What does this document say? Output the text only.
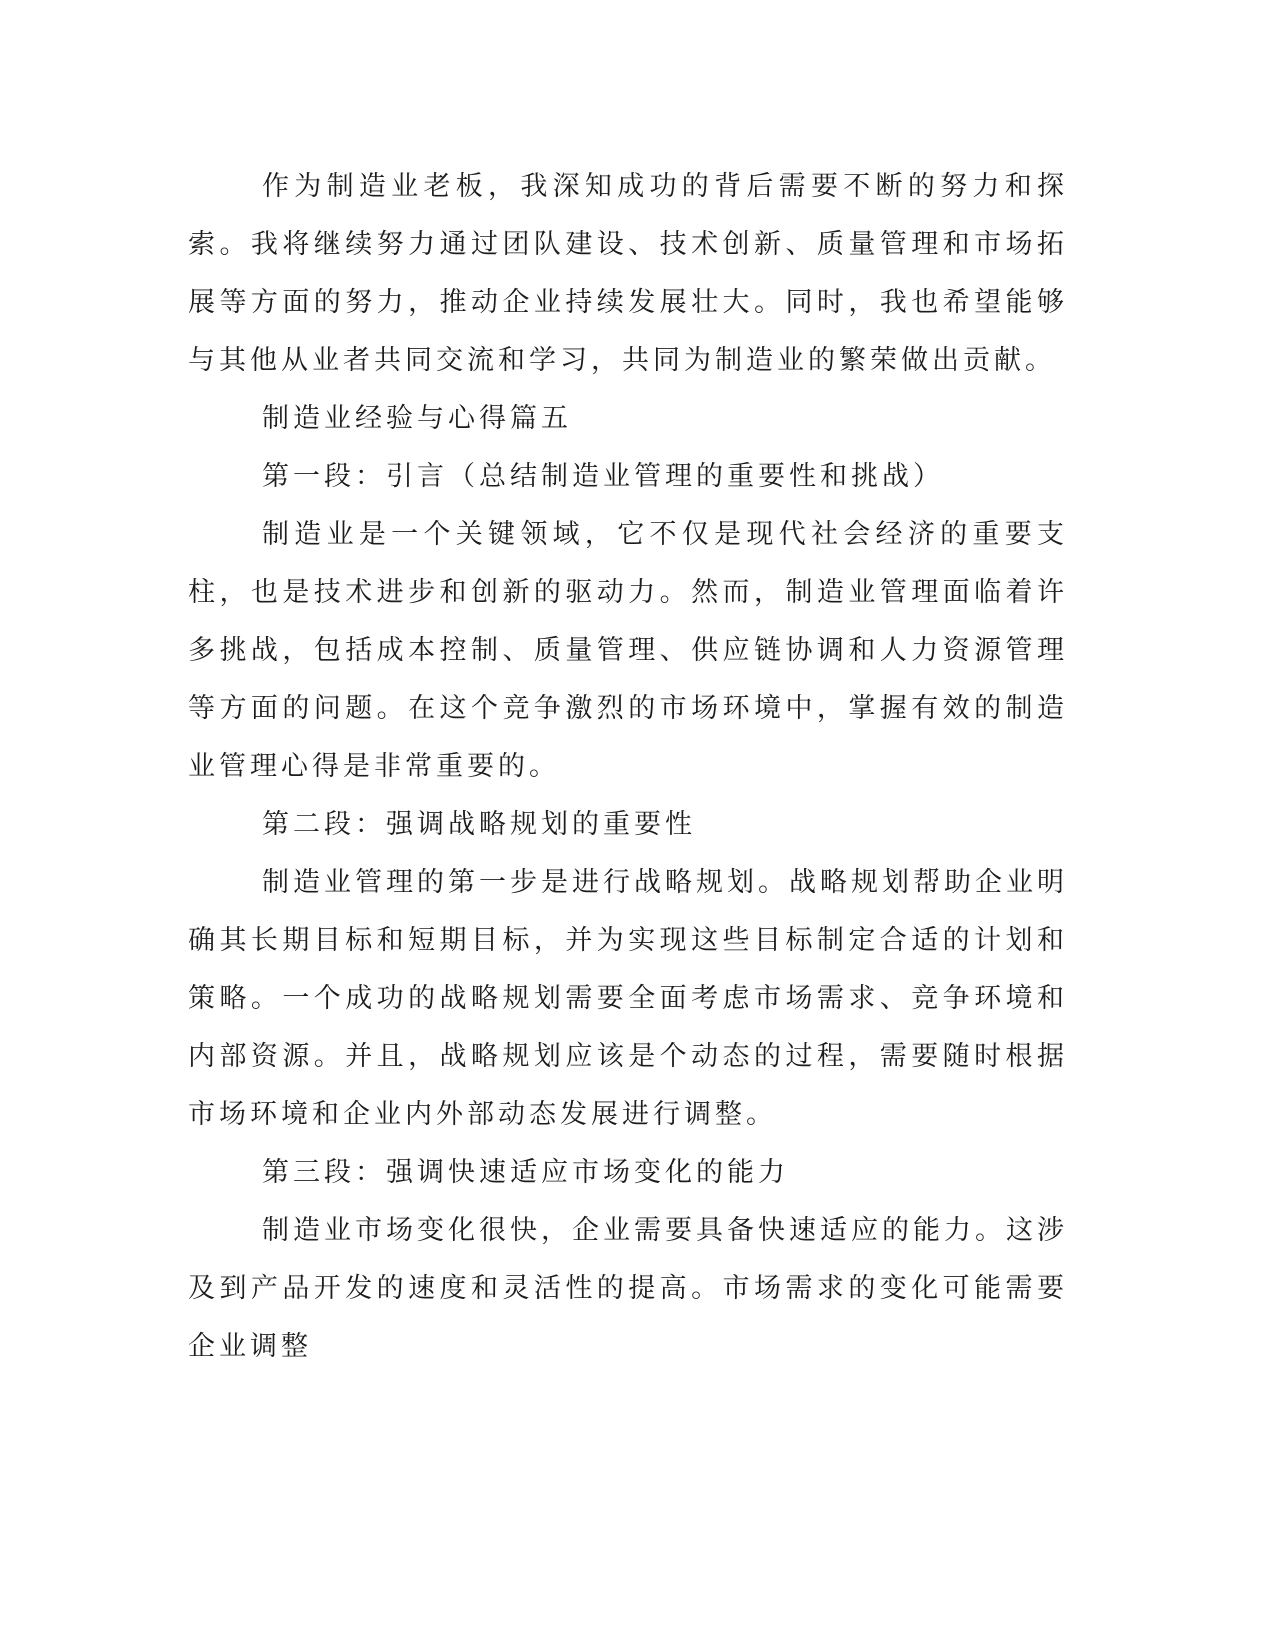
作为制造业老板，我深知成功的背后需要不断的努力和探索。我将继续努力通过团队建设、技术创新、质量管理和市场拓展等方面的努力，推动企业持续发展壮大。同时，我也希望能够与其他从业者共同交流和学习，共同为制造业的繁荣做出贡献。

制造业经验与心得篇五

第一段：引言（总结制造业管理的重要性和挑战）

制造业是一个关键领域，它不仅是现代社会经济的重要支柱，也是技术进步和创新的驱动力。然而，制造业管理面临着许多挑战，包括成本控制、质量管理、供应链协调和人力资源管理等方面的问题。在这个竞争激烈的市场环境中，掌握有效的制造业管理心得是非常重要的。

第二段：强调战略规划的重要性

制造业管理的第一步是进行战略规划。战略规划帮助企业明确其长期目标和短期目标，并为实现这些目标制定合适的计划和策略。一个成功的战略规划需要全面考虑市场需求、竞争环境和内部资源。并且，战略规划应该是个动态的过程，需要随时根据市场环境和企业内外部动态发展进行调整。

第三段：强调快速适应市场变化的能力

制造业市场变化很快，企业需要具备快速适应的能力。这涉及到产品开发的速度和灵活性的提高。市场需求的变化可能需要企业调整
